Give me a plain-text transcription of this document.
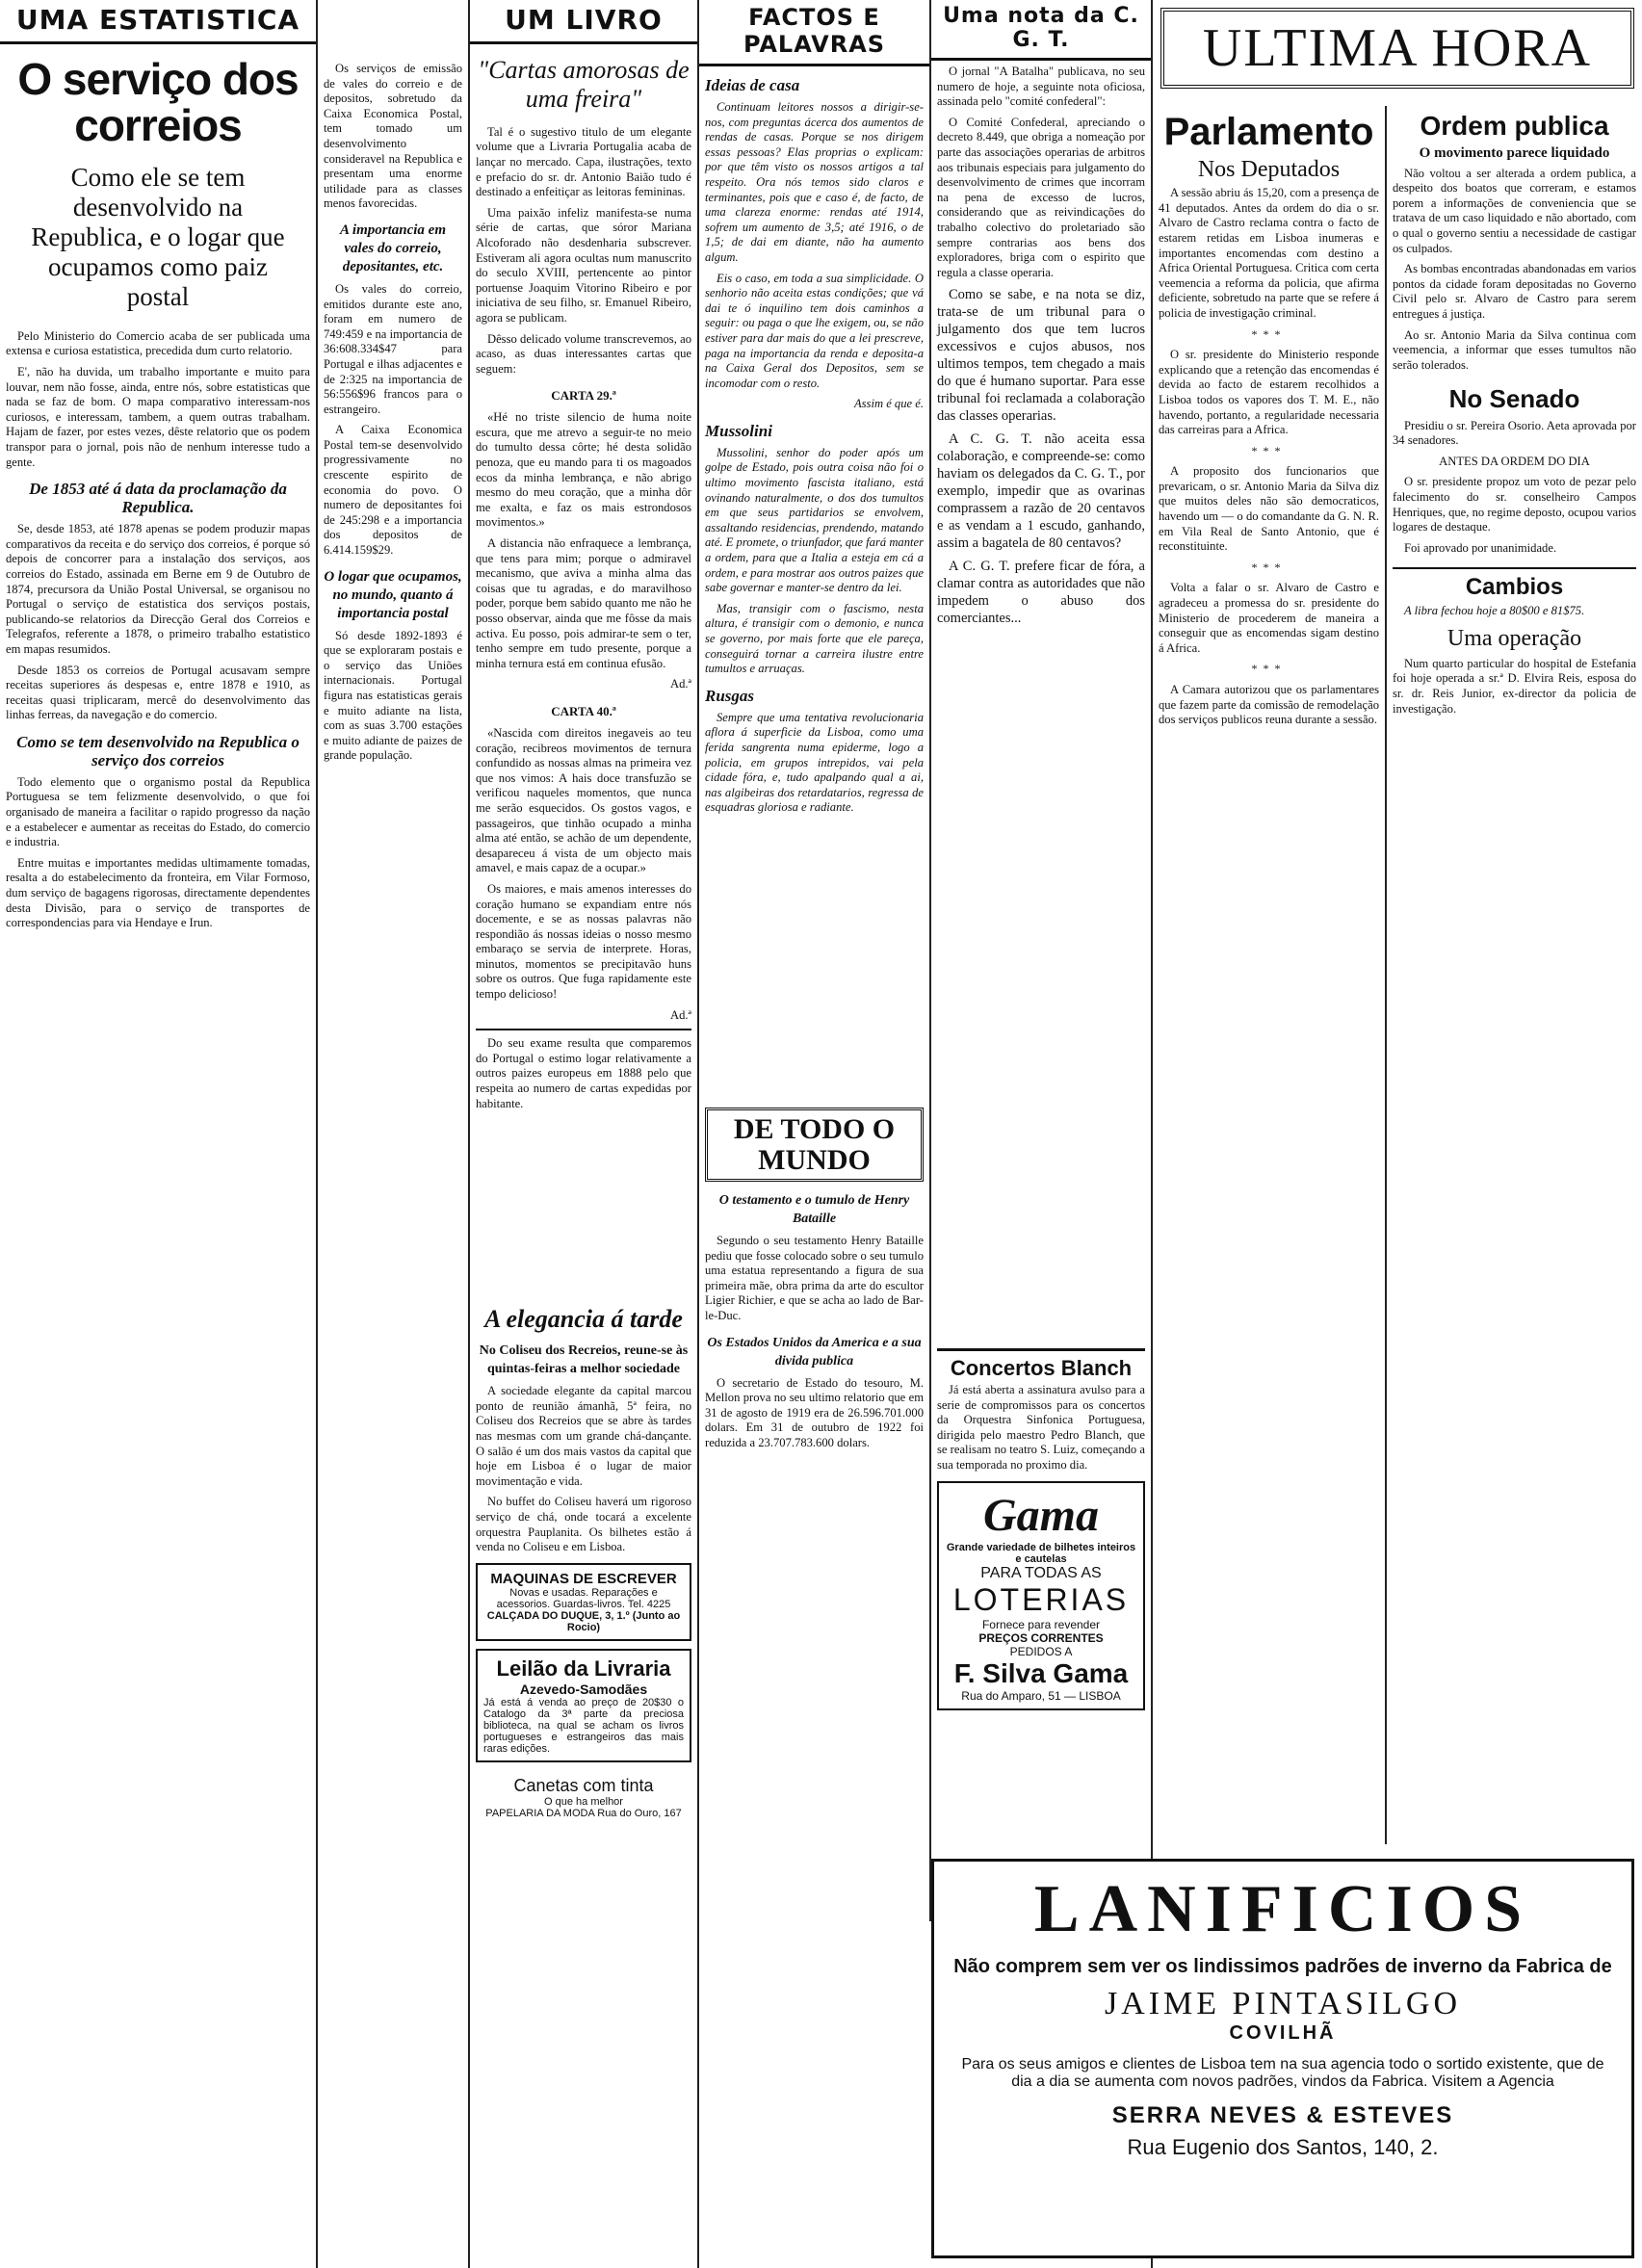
UMA ESTATISTICA
O serviço dos correios
Como ele se tem desenvolvido na Republica, e o logar que ocupamos como paiz postal

Pelo Ministerio do Comercio acaba de ser publicada uma extensa e curiosa estatistica, precedida dum curto relatorio.

E', não ha duvida, um trabalho importante e muito para louvar, nem não fosse, ainda, entre nós, sobre estatisticas que nada se faz de bom. O mapa comparativo interessam-nos curiosos, e interessam, tambem, a quem outras trabalham. Hajam de fazer, por estes vezes, dêste relatorio que os podem transpor para o jornal, pois não de nenhum interesse tudo a gente.

De 1853 até á data da proclamação da Republica.

Se, desde 1853, até 1878 apenas se podem produzir mapas comparativos da receita e do serviço dos correios, é porque só depois de concorrer para a instalação dos serviços, aos correios do Estado, assinada em Berne em 9 de Outubro de 1874, precursora da União Postal Universal, se organisou no Portugal o serviço de estatistica dos serviços postais, publicando-se relatorios da Direcção Geral dos Correios e Telegrafos, referente a 1878, o primeiro trabalho estatistico em mapas resumidos.

Desde 1853 os correios de Portugal acusavam sempre receitas superiores ás despesas e, entre 1878 e 1910, as receitas quasi triplicaram, mercê do desenvolvimento das linhas ferreas, da navegação e do comercio.

Como se tem desenvolvido na Republica o serviço dos correios

Todo elemento que o organismo postal da Republica Portuguesa se tem felizmente desenvolvido, o que foi organisado de maneira a facilitar o rapido progresso da nação e a estabelecer e aumentar as receitas do Estado, do comercio e industria.

Entre muitas e importantes medidas ultimamente tomadas, resalta a do estabelecimento da fronteira, em Vilar Formoso, dum serviço de bagagens rigorosas, directamente dependentes desta Divisão, para o serviço de transportes de correspondencias para via Hendaye e Irun.

Os serviços de emissão de vales do correio e de depositos, sobretudo da Caixa Economica Postal, tem tomado um desenvolvimento consideravel na Republica e presentam uma enorme utilidade para as classes menos favorecidas.

A importancia em vales do correio, depositantes, etc.

Os vales do correio, emitidos durante este ano, foram em numero de 749:459 e na importancia de 36:608.334$47 para Portugal e ilhas adjacentes e de 2:325 na importancia de 56:556$96 francos para o estrangeiro.

A Caixa Economica Postal tem-se desenvolvido progressivamente no crescente espirito de economia do povo. O numero de depositantes foi de 245:298 e a importancia dos depositos de 6.414.159$29.

O logar que ocupamos, no mundo, quanto á importancia postal

Só desde 1892-1893 é que se exploraram postais e o serviço das Uniões internacionais. Portugal figura nas estatisticas gerais e muito adiante na lista, com as suas 3.700 estações e muito adiante de paizes de grande população.

UM LIVRO
"Cartas amorosas de uma freira"

Tal é o sugestivo titulo de um elegante volume que a Livraria Portugalia acaba de lançar no mercado. Capa, ilustrações, texto e prefacio do sr. dr. Antonio Baião tudo é destinado a enfeitiçar as leitoras femininas.

Uma paixão infeliz manifesta-se numa série de cartas, que sóror Mariana Alcoforado não desdenharia subscrever. Estiveram ali agora ocultas num manuscrito do seculo XVIII, pertencente ao pintor portuense Joaquim Vitorino Ribeiro e por iniciativa de seu filho, sr. Emanuel Ribeiro, agora se publicam.

Dêsso delicado volume transcrevemos, ao acaso, as duas interessantes cartas que seguem:

CARTA 29.ª

«Hé no triste silencio de huma noite escura, que me atrevo a seguir-te no meio do tumulto dessa côrte; hé desta solidão penoza, que eu mando para ti os magoados ecos da minha lembrança, e não abrigo mesmo do meu coração, que a minha dôr me exalta, e faz os mais estrondosos movimentos.»

A distancia não enfraquece a lembrança, que tens para mim; porque o admiravel mecanismo, que aviva a minha alma das coisas que tu agradas, e do maravilhoso poder, porque bem sabido quanto me não he posso observar, ainda que me fôsse da mais activa. Eu posso, pois admirar-te sem o ter, tenho sempre em tudo presente, porque a minha ternura está em continua efusão.

Ad.ª

CARTA 40.ª

«Nascida com direitos inegaveis ao teu coração, recibreos movimentos de ternura confundido as nossas almas na primeira vez que nos vimos: A hais doce transfuzão se verificou naqueles momentos, que nunca me serão esquecidos. Os gostos vagos, e passageiros, que tinhão ocupado a minha alma até então, se achão de um dependente, desapareceu á vista de um objecto mais amavel, e mais capaz de a ocupar.»

Os maiores, e mais amenos interesses do coração humano se expandiam entre nós docemente, e se as nossas palavras não respondião ás nossas ideias o nosso mesmo embaraço se servia de interprete. Horas, minutos, momentos se precipitavão huns sobre os outros. Que fuga rapidamente este tempo delicioso!

Ad.ª

Do seu exame resulta que comparemos do Portugal o estimo logar relativamente a outros paizes europeus em 1888 pelo que respeita ao numero de cartas expedidas por habitante.

FACTOS E PALAVRAS
Ideias de casa

Continuam leitores nossos a dirigir-se-nos, com preguntas ácerca dos aumentos de rendas de casas. Porque se nos dirigem essas pessoas? Elas proprias o explicam: por que têm visto os nossos artigos a tal respeito. Ora nós temos sido claros e terminantes, pois que e caso é, de facto, de uma clareza enorme: rendas até 1914, sofrem um aumento de 3,5; até 1916, o de 1,5; de dai em diante, não ha aumento algum.

Eis o caso, em toda a sua simplicidade. O senhorio não aceita estas condições; que vá dai te ó inquilino tem dois caminhos a seguir: ou paga o que lhe exigem, ou, se não estiver para dar mais do que a lei prescreve, paga na importancia da renda e deposita-a na Caixa Geral dos Depositos, sem se incomodar com o resto.

Assim é que é.

Mussolini

Mussolini, senhor do poder após um golpe de Estado, pois outra coisa não foi o ultimo movimento fascista italiano, está ovinando naturalmente, o dos dos tumultos em que seus partidarios se envolvem, assaltando residencias, prendendo, matando até. E promete, o triunfador, que fará manter a ordem, para que a Italia a esteja em cá a ordem, e para mostrar aos outros paizes que sabe governar e manter-se dentro da lei.

Mas, transigir com o fascismo, nesta altura, é transigir com o demonio, e nunca se governo, por mais forte que ele pareça, conseguirá tornar a carreira ilustre entre tumultos e arruaças.

Rusgas

Sempre que uma tentativa revolucionaria aflora á superficie da Lisboa, como uma ferida sangrenta numa epiderme, logo a policia, em grupos intrepidos, vai pela cidade fóra, e, tudo apalpando qual a ai, nas algibeiras dos retardatarios, regressa de esquadras gloriosa e radiante.

Uma nota da C. G. T.

O jornal "A Batalha" publicava, no seu numero de hoje, a seguinte nota oficiosa, assinada pelo "comité confederal":

O Comité Confederal, apreciando o decreto 8.449, que obriga a nomeação por parte das associações operarias de arbitros aos tribunais especiais para julgamento do desenvolvimento de crimes que incorram na pena de excesso de lucros, considerando que as reivindicações do trabalho colectivo do proletariado são sempre contrarias aos bens dos exploradores, briga com o espirito que regula a classe operaria.

Como se sabe, e na nota se diz, trata-se de um tribunal para o julgamento dos que tem lucros excessivos e cujos abusos, nos ultimos tempos, tem chegado a mais do que é humano suportar. Para esse tribunal foi reclamada a colaboração das classes operarias.

A C. G. T. não aceita essa colaboração, e compreende-se: como haviam os delegados da C. G. T., por exemplo, impedir que as ovarinas comprassem a razão de 20 centavos e as vendam a 1 escudo, ganhando, assim a bagatela de 80 centavos?

A C. G. T. prefere ficar de fóra, a clamar contra as autoridades que não impedem o abuso dos comerciantes...

DE TODO O MUNDO
O testamento e o tumulo de Henry Bataille

Segundo o seu testamento Henry Bataille pediu que fosse colocado sobre o seu tumulo uma estatua representando a figura de sua primeira mãe, obra prima da arte do escultor Ligier Richier, e que se acha ao lado de Bar-le-Duc.

Os Estados Unidos da America e a sua divida publica

O secretario de Estado do tesouro, M. Mellon prova no seu ultimo relatorio que em 31 de agosto de 1919 era de 26.596.701.000 dolars. Em 31 de outubro de 1922 foi reduzida a 23.707.783.600 dolars.

A elegancia á tarde
No Coliseu dos Recreios, reune-se às quintas-feiras a melhor sociedade

A sociedade elegante da capital marcou ponto de reunião ámanhã, 5ª feira, no Coliseu dos Recreios que se abre às tardes nas mesmas com um grande chá-dançante. O salão é um dos mais vastos da capital que hoje em Lisboa é o lugar de maior movimentação e vida.

No buffet do Coliseu haverá um rigoroso serviço de chá, onde tocará a excelente orquestra Pauplanita. Os bilhetes estão á venda no Coliseu e em Lisboa.

MAQUINAS DE ESCREVER
Novas e usadas. Reparações e acessorios. Guardas-livros. Tel. 4225
CALÇADA DO DUQUE, 3, 1.º (Junto ao Rocio)
Leilão da Livraria
Azevedo-Samodães
Já está á venda ao preço de 20$30 o Catalogo da 3ª parte da preciosa biblioteca, na qual se acham os livros portugueses e estrangeiros das mais raras edições.
Canetas com tinta
O que ha melhor
PAPELARIA DA MODA Rua do Ouro, 167
Concertos Blanch

Já está aberta a assinatura avulso para a serie de compromissos para os concertos da Orquestra Sinfonica Portuguesa, dirigida pelo maestro Pedro Blanch, que se realisam no teatro S. Luiz, começando a sua temporada no proximo dia.

Gama
Grande variedade de bilhetes inteiros e cautelas
PARA TODAS AS
LOTERIAS
Fornece para revender
PREÇOS CORRENTES
PEDIDOS A
F. Silva Gama
Rua do Amparo, 51 — LISBOA
ULTIMA HORA
Parlamento
Nos Deputados

A sessão abriu ás 15,20, com a presença de 41 deputados. Antes da ordem do dia o sr. Alvaro de Castro reclama contra o facto de estarem retidas em Lisboa inumeras e importantes encomendas com destino a Africa Oriental Portuguesa. Critica com certa veemencia a reforma da policia, que afirma deficiente, sobretudo na parte que se refere á policia de investigação criminal.

***

O sr. presidente do Ministerio responde explicando que a retenção das encomendas é devida ao facto de estarem recolhidos a Lisboa todos os vapores dos T. M. E., não havendo, portanto, a regularidade necessaria das carreiras para a Africa.

***

A proposito dos funcionarios que prevaricam, o sr. Antonio Maria da Silva diz que muitos deles não são democraticos, havendo um — o do comandante da G. N. R. em Vila Real de Santo Antonio, que é reconstituinte.

***

Volta a falar o sr. Alvaro de Castro e agradeceu a promessa do sr. presidente do Ministerio de procederem de maneira a conseguir que as encomendas sigam destino á Africa.

***

A Camara autorizou que os parlamentares que fazem parte da comissão de remodelação dos serviços publicos reuna durante a sessão.

Ordem publica
O movimento parece liquidado

Não voltou a ser alterada a ordem publica, a despeito dos boatos que correram, e estamos porem a informações de conveniencia que se tratava de um caso liquidado e não abortado, com o qual o governo sentiu a necessidade de castigar os culpados.

As bombas encontradas abandonadas em varios pontos da cidade foram depositadas no Governo Civil pelo sr. Alvaro de Castro para serem entregues á justiça.

Ao sr. Antonio Maria da Silva continua com veemencia, a informar que esses tumultos não serão tolerados.

No Senado

Presidiu o sr. Pereira Osorio. Aeta aprovada por 34 senadores.

ANTES DA ORDEM DO DIA

O sr. presidente propoz um voto de pezar pelo falecimento do sr. conselheiro Campos Henriques, que, no regime deposto, ocupou varios logares de destaque.

Foi aprovado por unanimidade.

Cambios

A libra fechou hoje a 80$00 e 81$75.

Uma operação

Num quarto particular do hospital de Estefania foi hoje operada a sr.ª D. Elvira Reis, esposa do sr. dr. Reis Junior, ex-director da policia de investigação.

LANIFICIOS
Não comprem sem ver os lindissimos padrões de inverno da Fabrica de
JAIME PINTASILGO
COVILHÃ
Para os seus amigos e clientes de Lisboa tem na sua agencia todo o sortido existente, que de dia a dia se aumenta com novos padrões, vindos da Fabrica. Visitem a Agencia
SERRA NEVES & ESTEVES
Rua Eugenio dos Santos, 140, 2.
